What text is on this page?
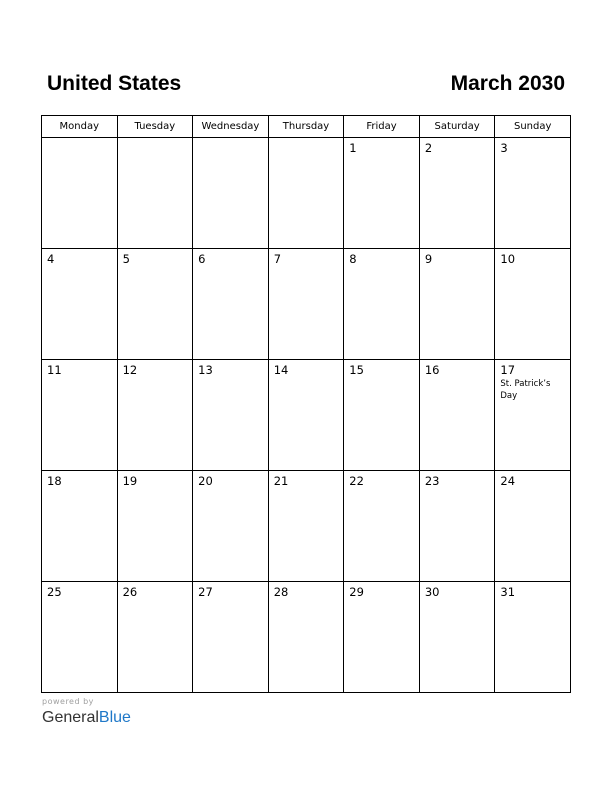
United States	March 2030
Monday	Tuesday	Wednesday	Thursday	Friday	Saturday	Sunday

				1	2	3

4	5	6	7	8	9	10

11	12	13	14	15	16	17
St. Patrick’s Day

18	19	20	21	22	23	24

25	26	27	28	29	30	31
powered by
GeneralBlue
